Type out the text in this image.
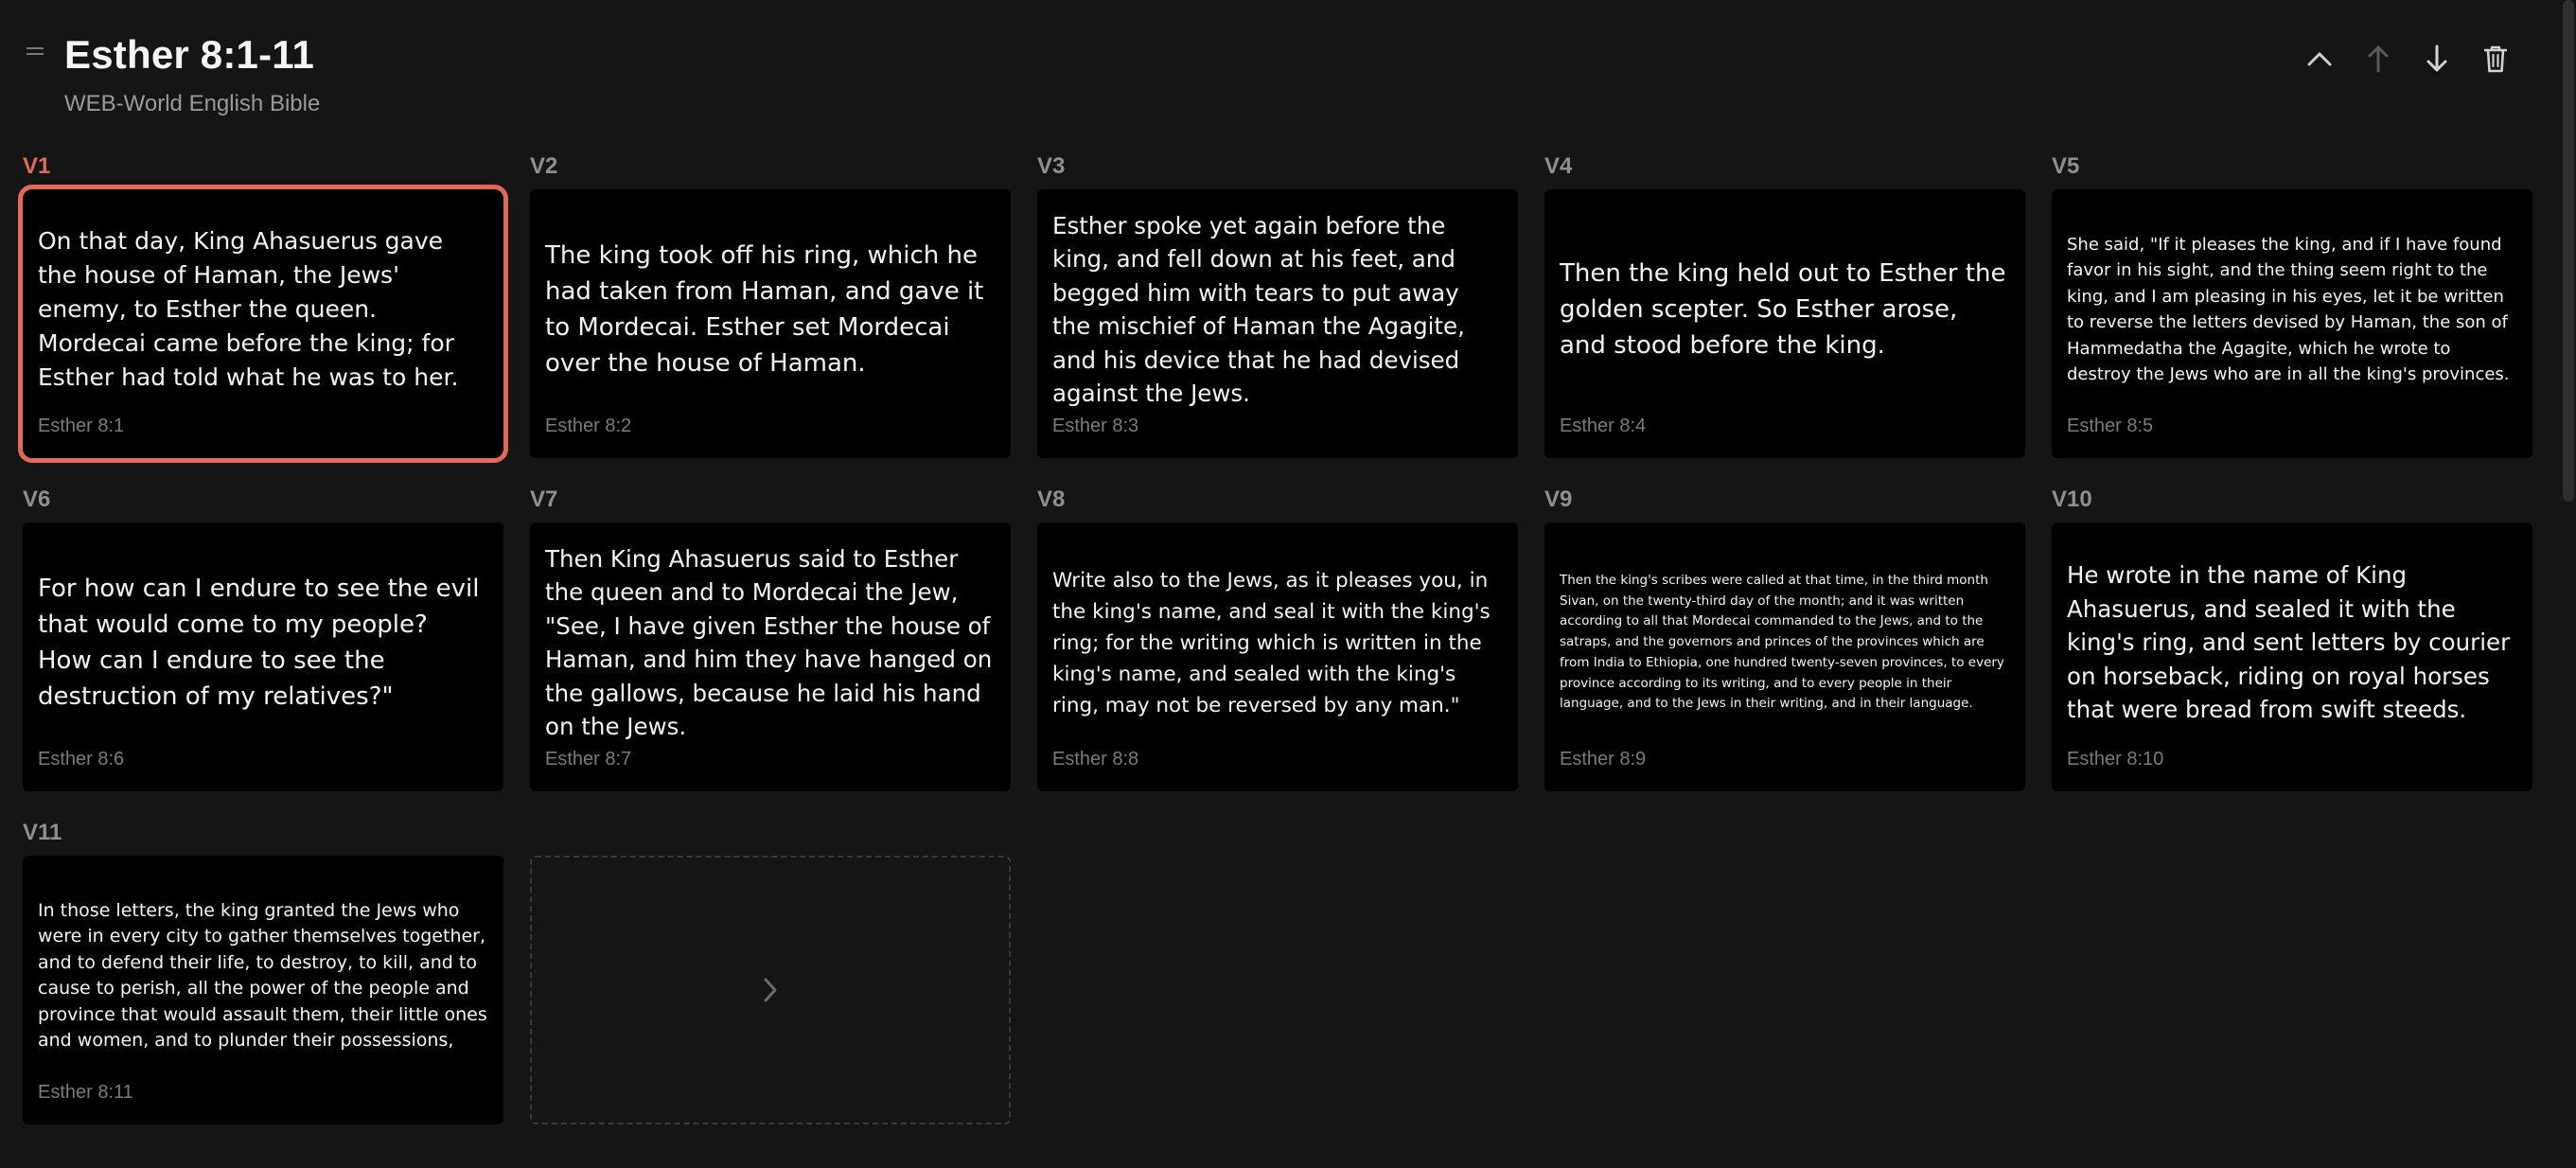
Esther 8:1-11
WEB-World English Bible
V1
On that day, King Ahasuerus gave the house of Haman, the Jews' enemy, to Esther the queen. Mordecai came before the king; for Esther had told what he was to her.
Esther 8:1
V2
The king took off his ring, which he had taken from Haman, and gave it to Mordecai. Esther set Mordecai over the house of Haman.
Esther 8:2
V3
Esther spoke yet again before the king, and fell down at his feet, and begged him with tears to put away the mischief of Haman the Agagite, and his device that he had devised against the Jews.
Esther 8:3
V4
Then the king held out to Esther the golden scepter. So Esther arose, and stood before the king.
Esther 8:4
V5
She said, "If it pleases the king, and if I have found favor in his sight, and the thing seem right to the king, and I am pleasing in his eyes, let it be written to reverse the letters devised by Haman, the son of Hammedatha the Agagite, which he wrote to destroy the Jews who are in all the king's provinces.
Esther 8:5
V6
For how can I endure to see the evil that would come to my people? How can I endure to see the destruction of my relatives?"
Esther 8:6
V7
Then King Ahasuerus said to Esther the queen and to Mordecai the Jew, "See, I have given Esther the house of Haman, and him they have hanged on the gallows, because he laid his hand on the Jews.
Esther 8:7
V8
Write also to the Jews, as it pleases you, in the king's name, and seal it with the king's ring; for the writing which is written in the king's name, and sealed with the king's ring, may not be reversed by any man."
Esther 8:8
V9
Then the king's scribes were called at that time, in the third month Sivan, on the twenty-third day of the month; and it was written according to all that Mordecai commanded to the Jews, and to the satraps, and the governors and princes of the provinces which are from India to Ethiopia, one hundred twenty-seven provinces, to every province according to its writing, and to every people in their language, and to the Jews in their writing, and in their language.
Esther 8:9
V10
He wrote in the name of King Ahasuerus, and sealed it with the king's ring, and sent letters by courier on horseback, riding on royal horses that were bread from swift steeds.
Esther 8:10
V11
In those letters, the king granted the Jews who were in every city to gather themselves together, and to defend their life, to destroy, to kill, and to cause to perish, all the power of the people and province that would assault them, their little ones and women, and to plunder their possessions,
Esther 8:11
